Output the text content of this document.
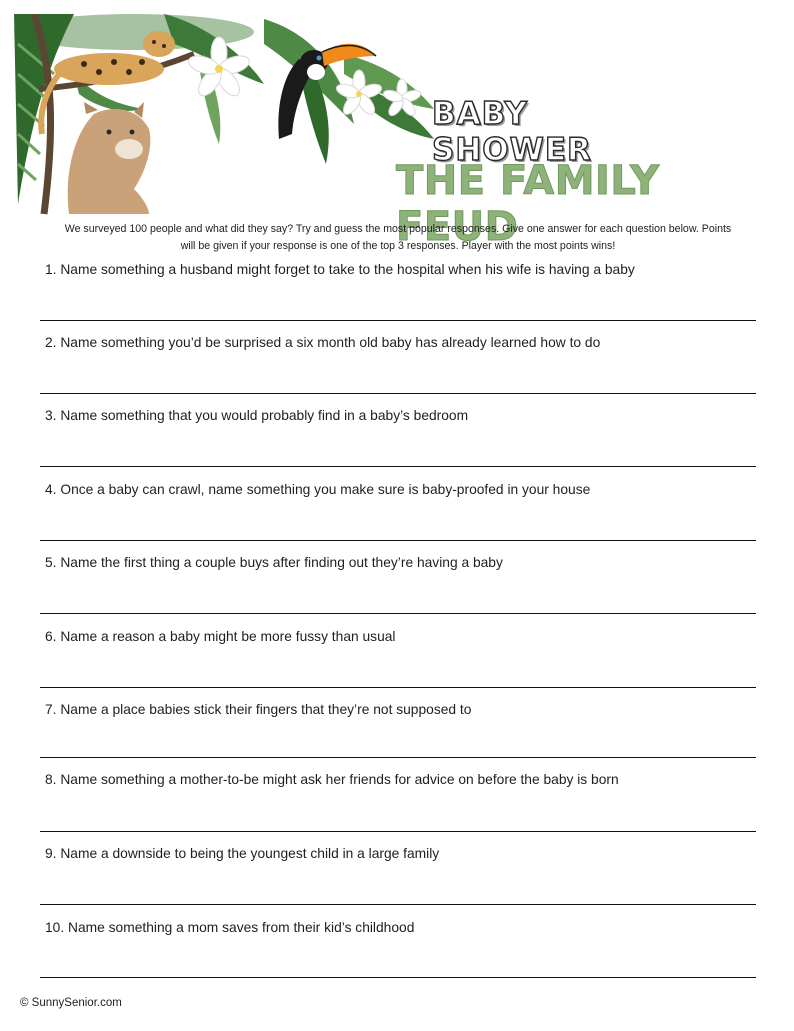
BABY SHOWER
THE FAMILY FEUD
We surveyed 100 people and what did they say? Try and guess the most popular responses. Give one answer for each question below. Points
will be given if your response is one of the top 3 responses. Player with the most points wins!
1. Name something a husband might forget to take to the hospital when his wife is having a baby
2. Name something you’d be surprised a six month old baby has already learned how to do
3. Name something that you would probably find in a baby’s bedroom
4. Once a baby can crawl, name something you make sure is baby-proofed in your house
5. Name the first thing a couple buys after finding out they’re having a baby
6. Name a reason a baby might be more fussy than usual
7. Name a place babies stick their fingers that they’re not supposed to
8. Name something a mother-to-be might ask her friends for advice on before the baby is born
9. Name a downside to being the youngest child in a large family
10. Name something a mom saves from their kid’s childhood
© SunnySenior.com
